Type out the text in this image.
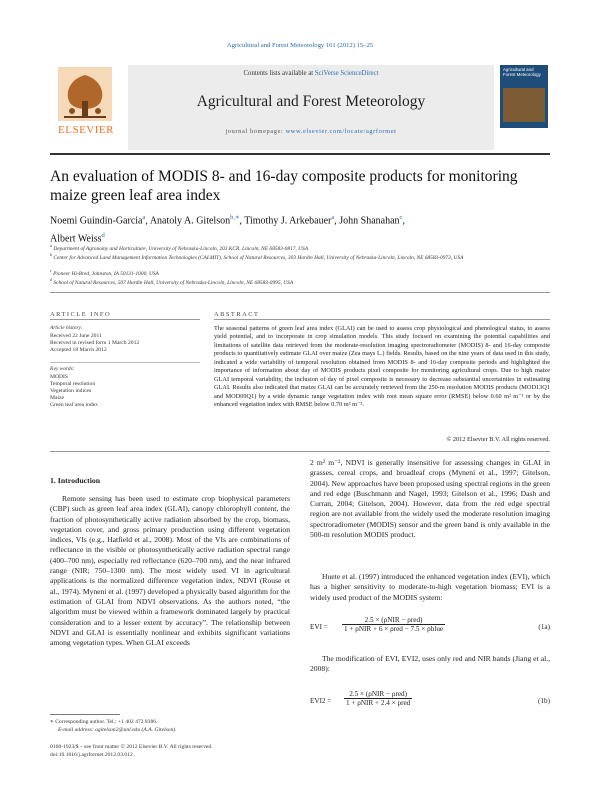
Agricultural and Forest Meteorology 161 (2012) 15–25
Contents lists available at SciVerse ScienceDirect
Agricultural and Forest Meteorology
journal homepage: www.elsevier.com/locate/agrformet
ELSEVIER
Agricultural and Forest Meteorology
An evaluation of MODIS 8- and 16-day composite products for monitoring maize green leaf area index
Noemi Guindin-Garcia$^a$, Anatoly A. Gitelson$^{b,∗}$, Timothy J. Arkebauer$^a$, John Shanahan$^c$,
Albert Weiss$^d$
$^a$ Department of Agronomy and Horticulture, University of Nebraska-Lincoln, 203 KCR, Lincoln, NE 68583-0817, USA
$^b$ Center for Advanced Land Management Information Technologies (CALMIT), School of Natural Resources, 303 Hardin Hall, University of Nebraska-Lincoln, Lincoln, NE 68583-0973, USA
$^c$ Pioneer Hi-Bred, Johnston, IA 50131-1000, USA
$^d$ School of Natural Resources, 507 Hardin Hall, University of Nebraska-Lincoln, Lincoln, NE 68583-0995, USA
ARTICLE INFO
Article history:
Received 22 June 2011
Received in revised form 1 March 2012
Accepted 18 March 2012
Key words:
MODIS
Temporal resolution
Vegetation indices
Maize
Green leaf area index
ABSTRACT
The seasonal patterns of green leaf area index (GLAI) can be used to assess crop physiological and phenological status, to assess yield potential, and to incorporate in crop simulation models. This study focused on examining the potential capabilities and limitations of satellite data retrieved from the moderate-resolution imaging spectroradiometer (MODIS) 8- and 16-day composite products to quantitatively estimate GLAI over maize (Zea mays L.) fields. Results, based on the nine years of data used in this study, indicated a wide variability of temporal resolution obtained from MODIS 8- and 16-day composite periods and highlighted the importance of information about day of MODIS products pixel composite for monitoring agricultural crops. Due to high maize GLAI temporal variability, the inclusion of day of pixel composite is necessary to decrease substantial uncertainties in estimating GLAI. Results also indicated that maize GLAI can be accurately retrieved from the 250-m resolution MODIS products (MOD13Q1 and MOD09Q1) by a wide dynamic range vegetation index with root mean square error (RMSE) below 0.60 m² m⁻² or by the enhanced vegetation index with RMSE below 0.70 m² m⁻².
© 2012 Elsevier B.V. All rights reserved.
1. Introduction
Remote sensing has been used to estimate crop biophysical parameters (CBP) such as green leaf area index (GLAI), canopy chlorophyll content, the fraction of photosynthetically active radiation absorbed by the crop, biomass, vegetation cover, and gross primary production using different vegetation indices, VIs (e.g., Hatfield et al., 2008). Most of the VIs are combinations of reflectance in the visible or photosynthetically active radiation spectral range (400–700 nm), especially red reflectance (620–700 nm), and the near infrared range (NIR; 750–1300 nm). The most widely used VI in agricultural applications is the normalized difference vegetation index, NDVI (Rouse et al., 1974). Myneni et al. (1997) developed a physically based algorithm for the estimation of GLAI from NDVI observations. As the authors noted, “the algorithm must be viewed within a framework dominated largely by practical consideration and to a lesser extent by accuracy”. The relationship between NDVI and GLAI is essentially nonlinear and exhibits significant variations among vegetation types. When GLAI exceeds
2 m² m⁻², NDVI is generally insensitive for assessing changes in GLAI in grasses, cereal crops, and broadleaf crops (Myneni et al., 1997; Gitelson, 2004). New approaches have been proposed using spectral regions in the green and red edge (Buschmann and Nagel, 1993; Gitelson et al., 1996; Dash and Curran, 2004; Gitelson, 2004). However, data from the red edge spectral region are not available from the widely used the moderate resolution imaging spectroradiometer (MODIS) sensor and the green band is only available in the 500-m resolution MODIS product.
Huete et al. (1997) introduced the enhanced vegetation index (EVI), which has a higher sensitivity to moderate-to-high vegetation biomass; EVI is a widely used product of the MODIS system:
EVI =
2.5 × (ρNIR − ρred)
1 + ρNIR + 6 × ρred − 7.5 × ρblue	(1a)
The modification of EVI, EVI2, uses only red and NIR bands (Jiang et al., 2008):
EVI2 =
2.5 × (ρNIR − ρred)
1 + ρNIR + 2.4 × ρred	(1b)
∗ Corresponding author. Tel.: +1 402 472 8386.
E-mail address: agitelson2@unl.edu (A.A. Gitelson).
0168-1923/$ – see front matter © 2012 Elsevier B.V. All rights reserved.
doi:10.1016/j.agrformet.2012.03.012
